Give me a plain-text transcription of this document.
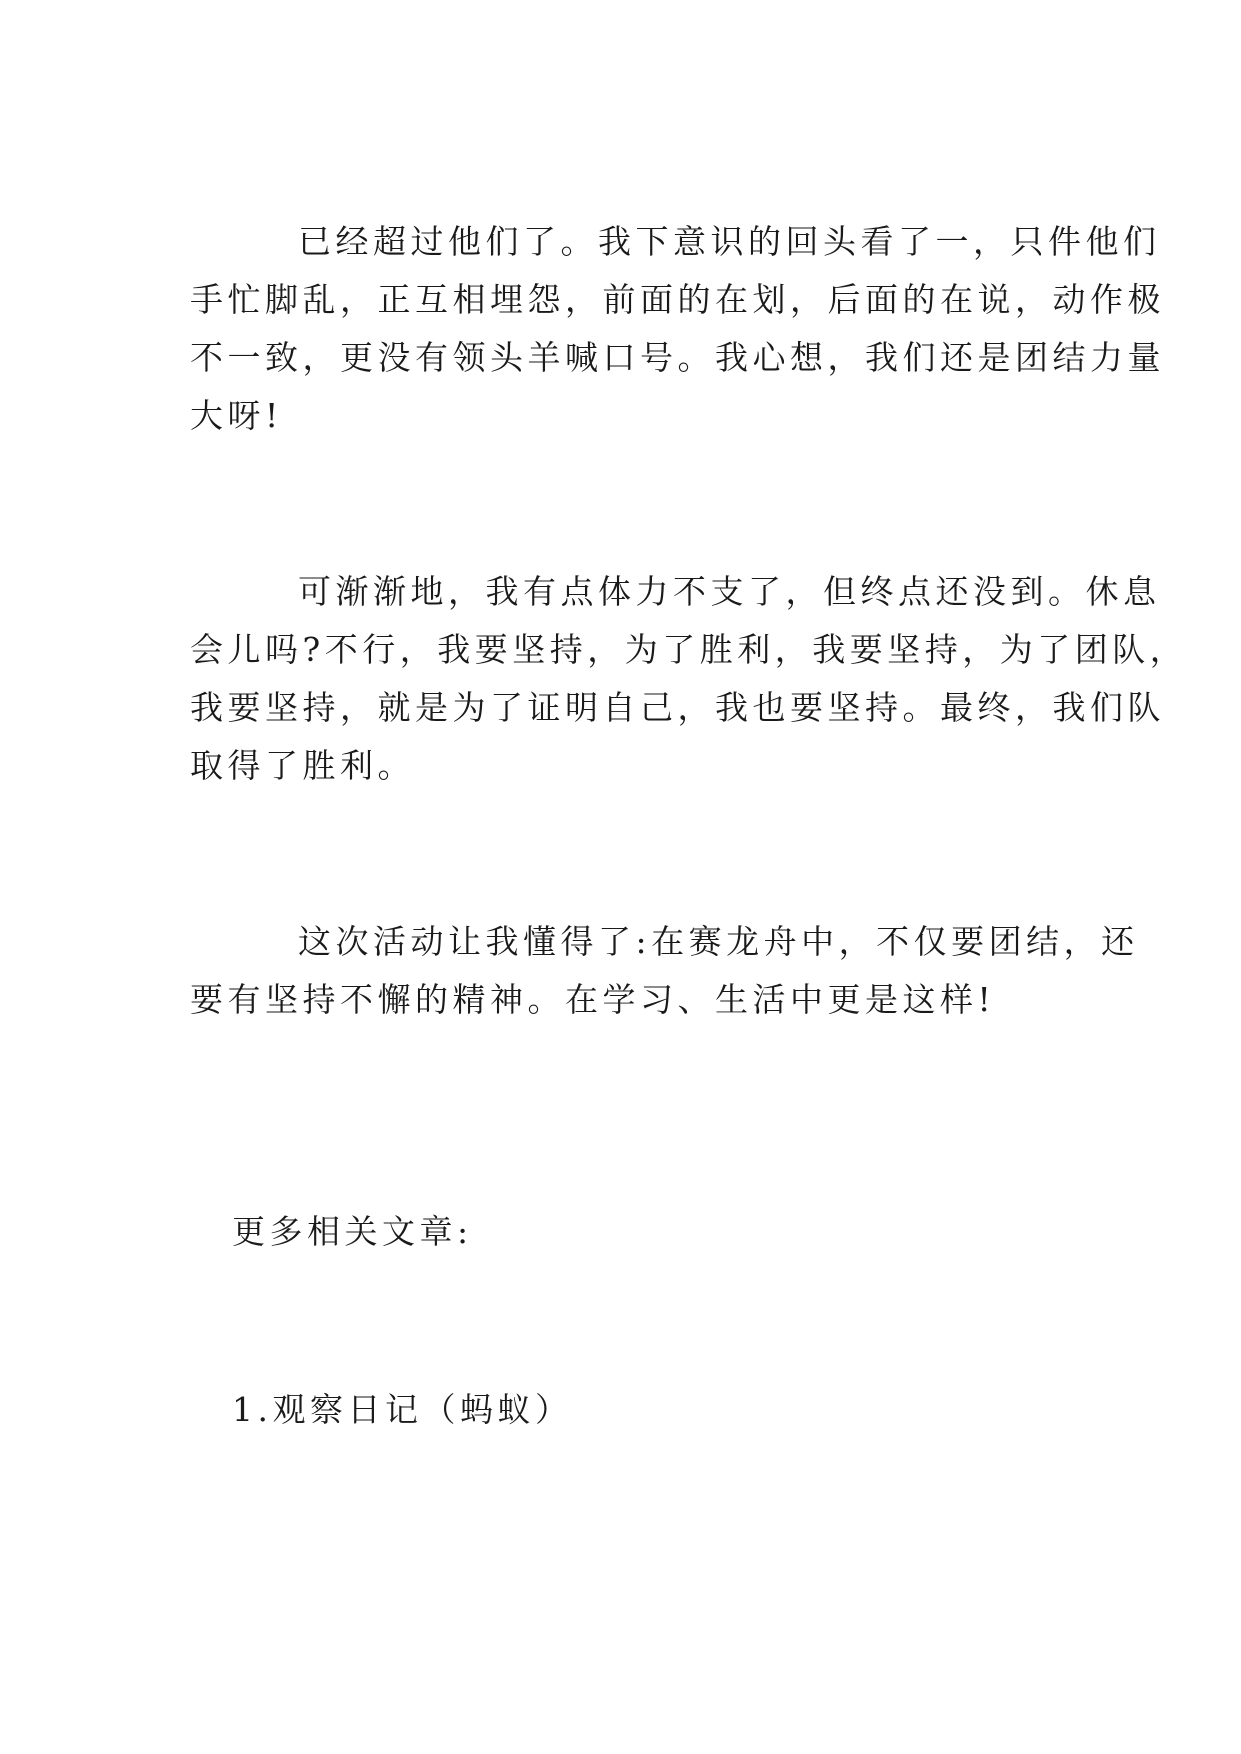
已经超过他们了。我下意识的回头看了一，只件他们
手忙脚乱，正互相埋怨，前面的在划，后面的在说，动作极
不一致，更没有领头羊喊口号。我心想，我们还是团结力量
大呀!
可渐渐地，我有点体力不支了，但终点还没到。休息
会儿吗?不行，我要坚持，为了胜利，我要坚持，为了团队，
我要坚持，就是为了证明自己，我也要坚持。最终，我们队
取得了胜利。
这次活动让我懂得了:在赛龙舟中，不仅要团结，还
要有坚持不懈的精神。在学习、生活中更是这样!
更多相关文章:
1.观察日记（蚂蚁）
